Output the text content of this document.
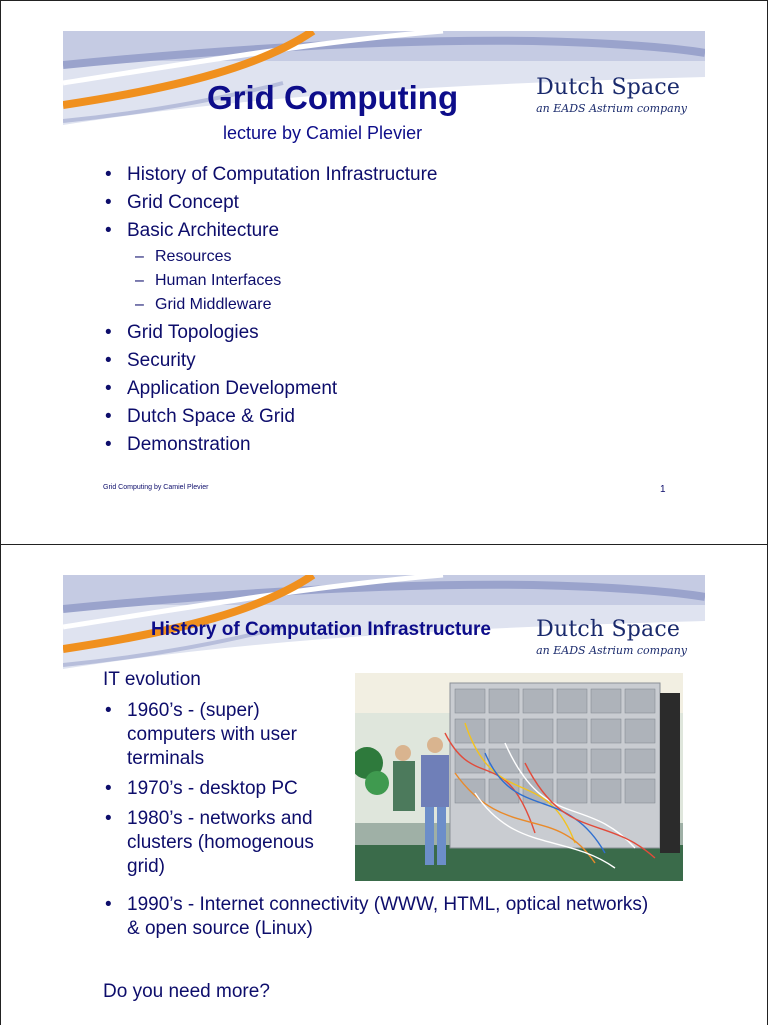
Dutch Space
an EADS Astrium company
Grid Computing
lecture by Camiel Plevier
• History of Computation Infrastructure
• Grid Concept
• Basic Architecture
– Resources
– Human Interfaces
– Grid Middleware
• Grid Topologies
• Security
• Application Development
• Dutch Space & Grid
• Demonstration
Grid Computing by Camiel Plevier	1
Dutch Space
an EADS Astrium company
History of Computation Infrastructure
IT evolution
• 1960’s - (super) computers with user terminals
• 1970’s - desktop PC
• 1980’s - networks and clusters (homogenous grid)
• 1990’s - Internet connectivity (WWW, HTML, optical networks) & open source (Linux)
Do you need more?
